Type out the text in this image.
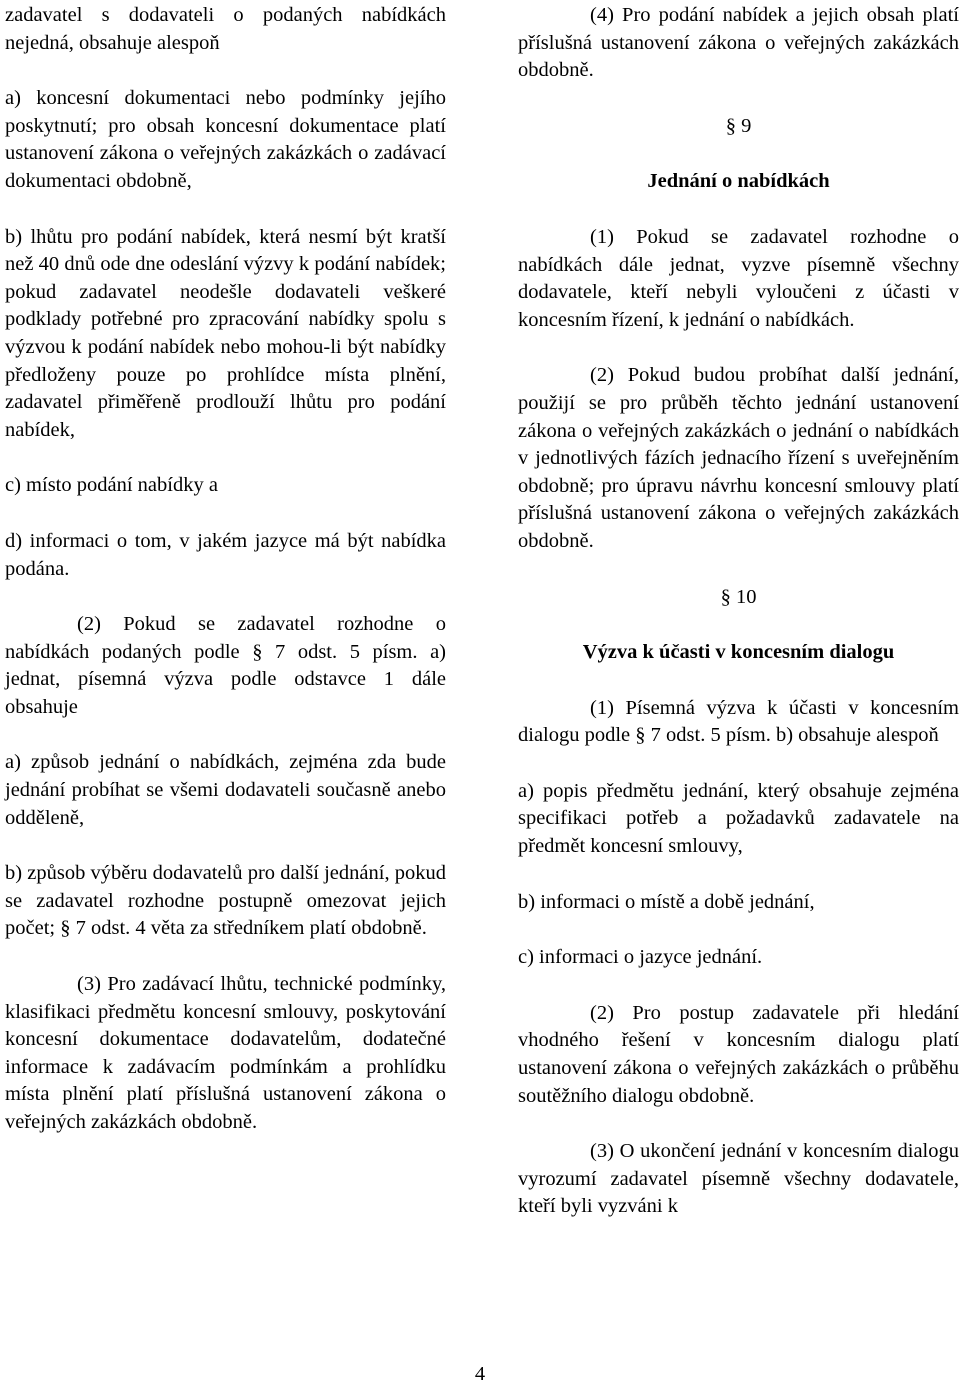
zadavatel s dodavateli o podaných nabídkách nejedná, obsahuje alespoň

a) koncesní dokumentaci nebo podmínky jejího poskytnutí; pro obsah koncesní dokumentace platí ustanovení zákona o veřejných zakázkách o zadávací dokumentaci obdobně,

b) lhůtu pro podání nabídek, která nesmí být kratší než 40 dnů ode dne odeslání výzvy k podání nabídek; pokud zadavatel neodešle dodavateli veškeré podklady potřebné pro zpracování nabídky spolu s výzvou k podání nabídek nebo mohou-li být nabídky předloženy pouze po prohlídce místa plnění, zadavatel přiměřeně prodlouží lhůtu pro podání nabídek,

c) místo podání nabídky a

d) informaci o tom, v jakém jazyce má být nabídka podána.

(2) Pokud se zadavatel rozhodne o nabídkách podaných podle § 7 odst. 5 písm. a) jednat, písemná výzva podle odstavce 1 dále obsahuje

a) způsob jednání o nabídkách, zejména zda bude jednání probíhat se všemi dodavateli současně anebo odděleně,

b) způsob výběru dodavatelů pro další jednání, pokud se zadavatel rozhodne postupně omezovat jejich počet; § 7 odst. 4 věta za středníkem platí obdobně.

(3) Pro zadávací lhůtu, technické podmínky, klasifikaci předmětu koncesní smlouvy, poskytování koncesní dokumentace dodavatelům, dodatečné informace k zadávacím podmínkám a prohlídku místa plnění platí příslušná ustanovení zákona o veřejných zakázkách obdobně.

(4) Pro podání nabídek a jejich obsah platí příslušná ustanovení zákona o veřejných zakázkách obdobně.

§ 9

Jednání o nabídkách

(1) Pokud se zadavatel rozhodne o nabídkách dále jednat, vyzve písemně všechny dodavatele, kteří nebyli vyloučeni z účasti v koncesním řízení, k jednání o nabídkách.

(2) Pokud budou probíhat další jednání, použijí se pro průběh těchto jednání ustanovení zákona o veřejných zakázkách o jednání o nabídkách v jednotlivých fázích jednacího řízení s uveřejněním obdobně; pro úpravu návrhu koncesní smlouvy platí příslušná ustanovení zákona o veřejných zakázkách obdobně.

§ 10

Výzva k účasti v koncesním dialogu

(1) Písemná výzva k účasti v koncesním dialogu podle § 7 odst. 5 písm. b) obsahuje alespoň

a) popis předmětu jednání, který obsahuje zejména specifikaci potřeb a požadavků zadavatele na předmět koncesní smlouvy,

b) informaci o místě a době jednání,

c) informaci o jazyce jednání.

(2) Pro postup zadavatele při hledání vhodného řešení v koncesním dialogu platí ustanovení zákona o veřejných zakázkách o průběhu soutěžního dialogu obdobně.

(3) O ukončení jednání v koncesním dialogu vyrozumí zadavatel písemně všechny dodavatele, kteří byli vyzváni k

4
